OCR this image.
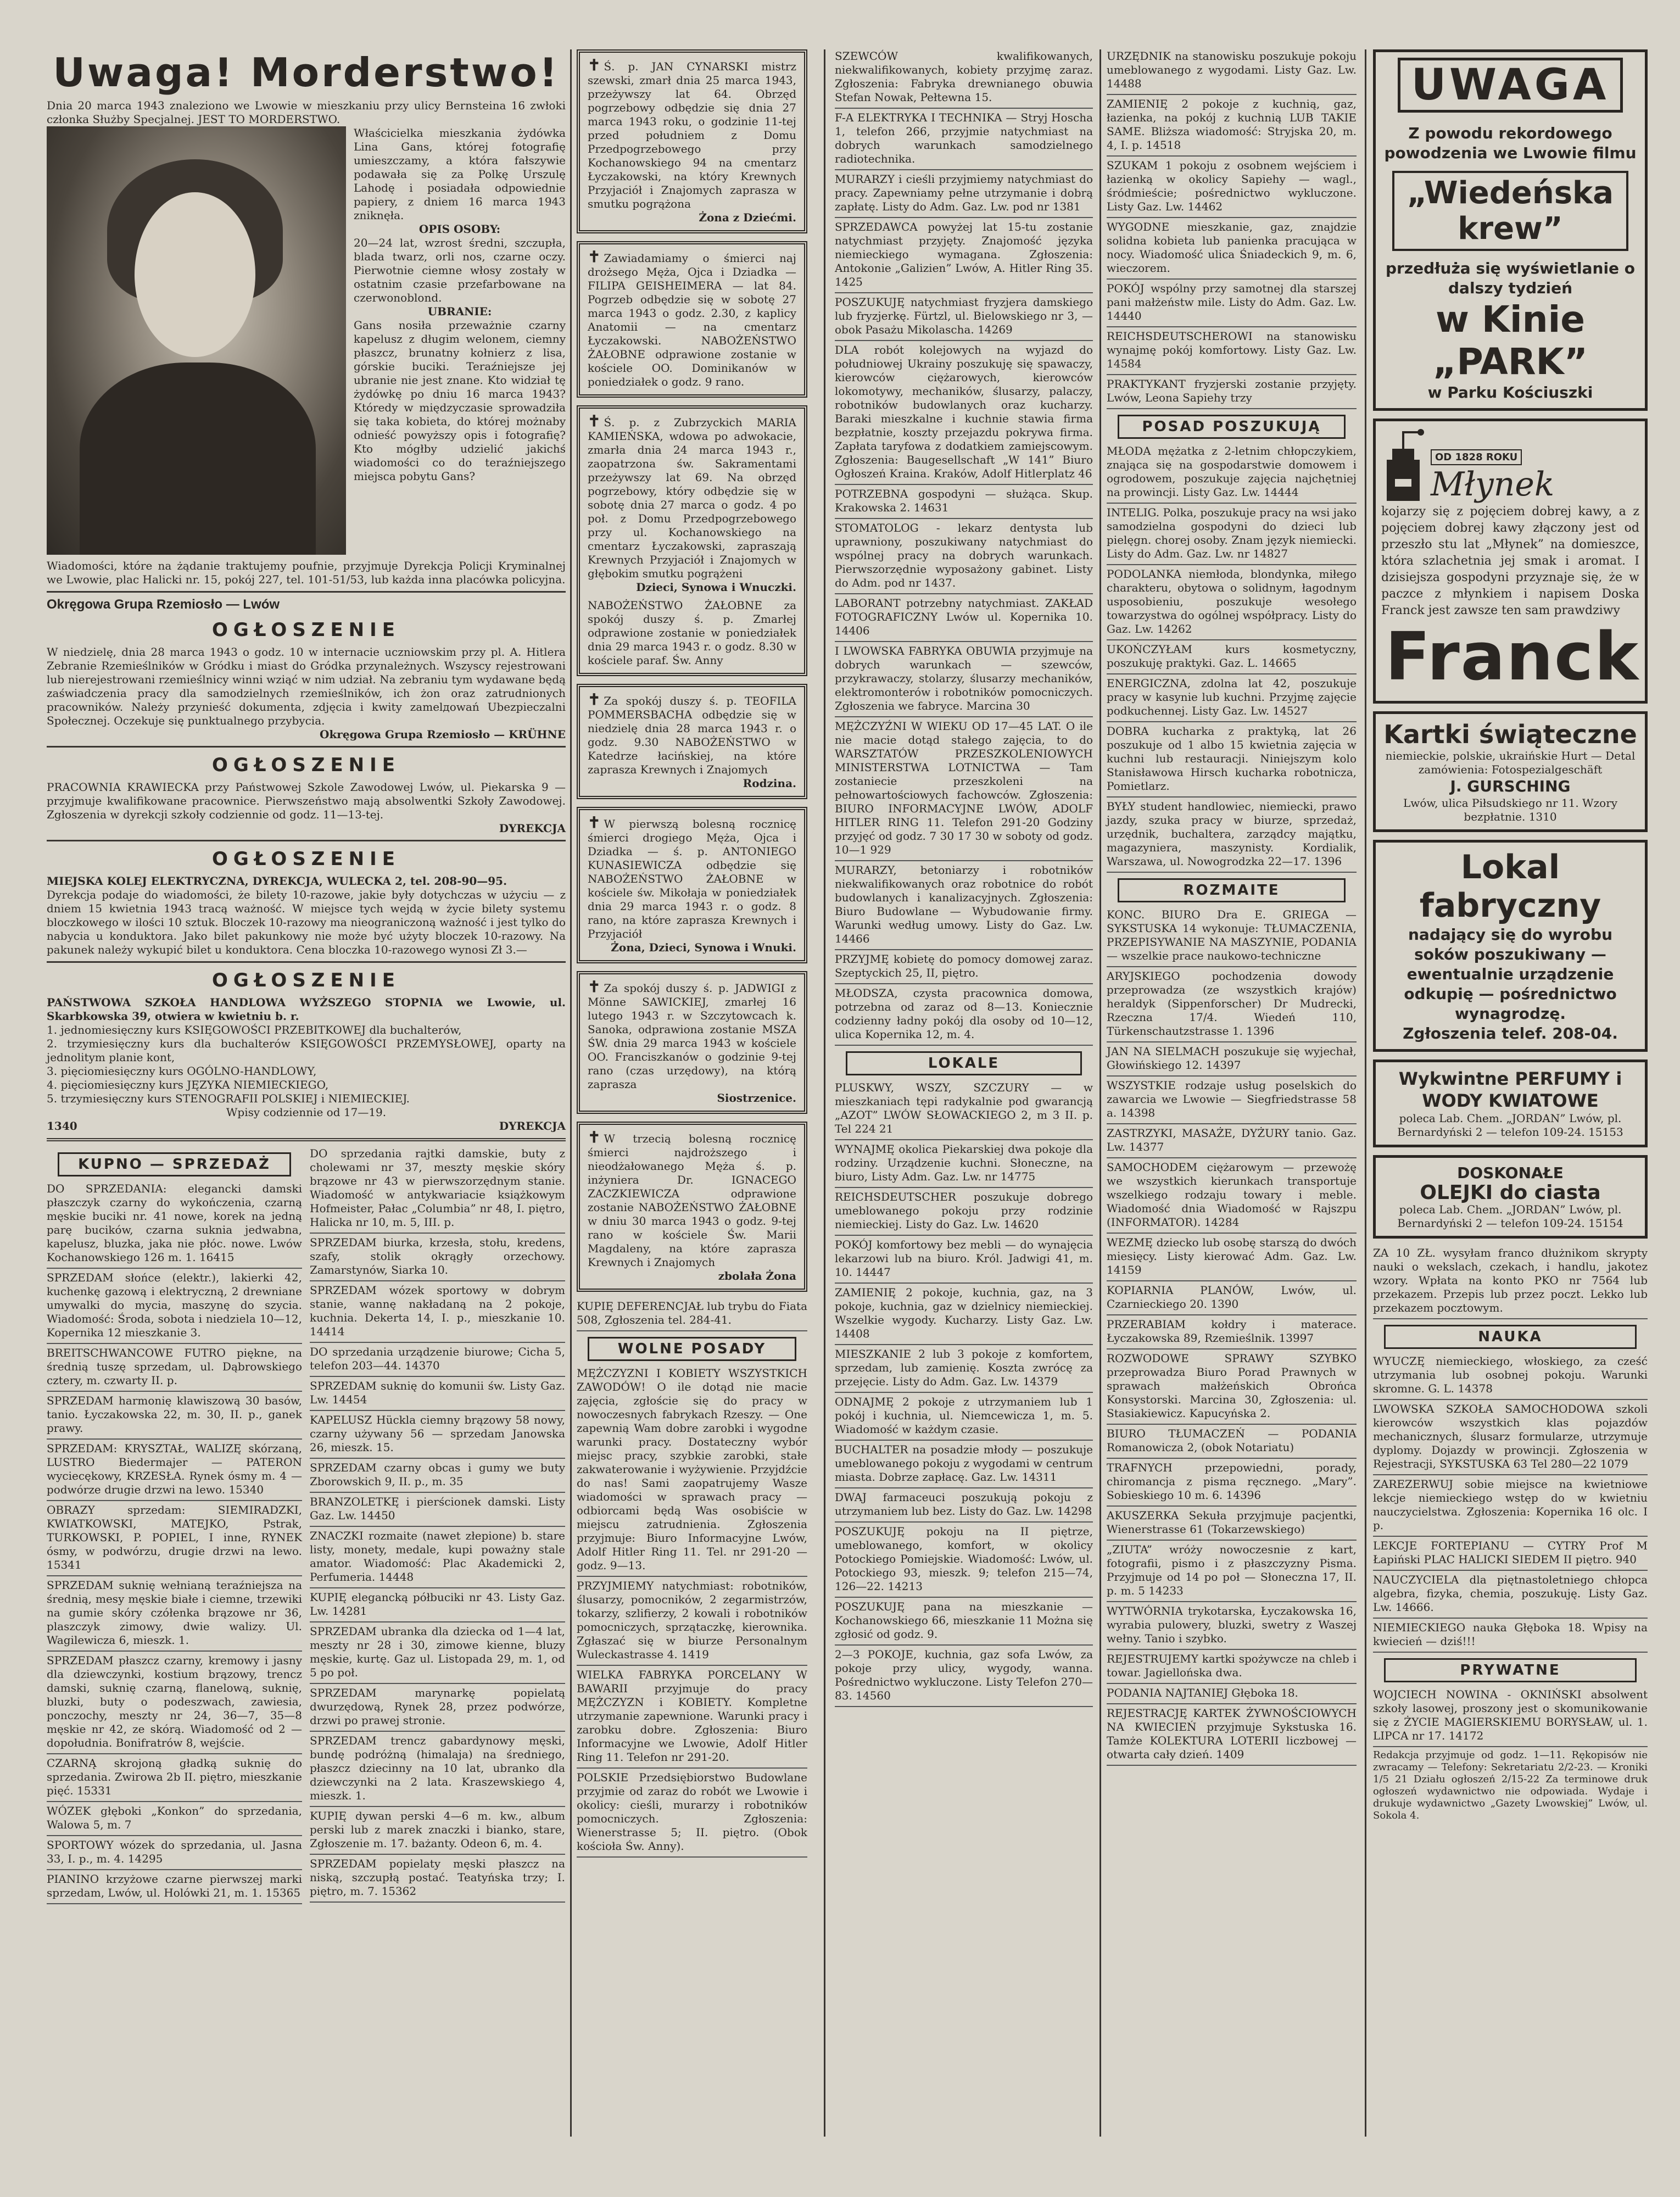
Uwaga! Morderstwo!

Dnia 20 marca 1943 znaleziono we Lwowie w mieszkaniu przy ulicy Bernsteina 16 zwłoki członka Służby Specjalnej. JEST TO MORDERSTWO.

Właścicielka mieszkania żydówka Lina Gans, której fotografię umieszczamy, a która fałszywie podawała się za Polkę Urszulę Lahodę i posiadała odpowiednie papiery, z dniem 16 marca 1943 zniknęła.

OPIS OSOBY:

20—24 lat, wzrost średni, szczupła, blada twarz, orli nos, czarne oczy. Pierwotnie ciemne włosy zostały w ostatnim czasie przefarbowane na czerwonoblond.

UBRANIE:

Gans nosiła przeważnie czarny kapelusz z długim welonem, ciemny płaszcz, brunatny kołnierz z lisa, górskie buciki. Teraźniejsze jej ubranie nie jest znane. Kto widział tę żydówkę po dniu 16 marca 1943? Któredy w międzyczasie sprowadziła się taka kobieta, do której możnaby odnieść powyższy opis i fotografię? Kto mógłby udzielić jakichś wiadomości co do teraźniejszego miejsca pobytu Gans?

Wiadomości, które na żądanie traktujemy poufnie, przyjmuje Dyrekcja Policji Kryminalnej we Lwowie, plac Halicki nr. 15, pokój 227, tel. 101-51/53, lub każda inna placówka policyjna.

Okręgowa Grupa Rzemiosło — Lwów
OGŁOSZENIE

W niedzielę, dnia 28 marca 1943 o godz. 10 w internacie uczniowskim przy pl. A. Hitlera Zebranie Rzemieślników w Gródku i miast do Gródka przynależnych. Wszyscy rejestrowani lub nierejestrowani rzemieślnicy winni wziąć w nim udział. Na zebraniu tym wydawane będą zaświadczenia pracy dla samodzielnych rzemieślników, ich żon oraz zatrudnionych pracowników. Należy przynieść dokumenta, zdjęcia i kwity zamelдowań Ubezpieczalni Społecznej. Oczekuje się punktualnego przybycia.

Okręgowa Grupa Rzemiosło — KRÜHNE

OGŁOSZENIE

PRACOWNIA KRAWIECKA przy Państwowej Szkole Zawodowej Lwów, ul. Piekarska 9 — przyjmuje kwalifikowane pracownice. Pierwszeństwo mają absolwentki Szkoły Zawodowej. Zgłoszenia w dyrekcji szkoły codziennie od godz. 11—13-tej.

DYREKCJA

OGŁOSZENIE

MIEJSKA KOLEJ ELEKTRYCZNA, DYREKCJA, WULECKA 2, tel. 208-90—95.

Dyrekcja podaje do wiadomości, że bilety 10-razowe, jakie były dotychczas w użyciu — z dniem 15 kwietnia 1943 tracą ważność. W miejsce tych wejdą w życie bilety systemu bloczkowego w ilości 10 sztuk. Bloczek 10-razowy ma nieograniczoną ważność i jest tylko do nabycia u konduktora. Jako bilet pakunkowy nie może być użyty bloczek 10-razowy. Na pakunek należy wykupić bilet u konduktora. Cena bloczka 10-razowego wynosi Zł 3.—

OGŁOSZENIE

PAŃSTWOWA SZKOŁA HANDLOWA WYŻSZEGO STOPNIA we Lwowie, ul. Skarbkowska 39, otwiera w kwietniu b. r.

1. jednomiesięczny kurs KSIĘGOWOŚCI PRZEBITKOWEJ dla buchalterów,

2. trzymiesięczny kurs dla buchalterów KSIĘGOWOŚCI PRZEMYSŁOWEJ, oparty na jednolitym planie kont,

3. pięciomiesięczny kurs OGÓLNO-HANDLOWY,

4. pięciomiesięczny kurs JĘZYKA NIEMIECKIEGO,

5. trzymiesięczny kurs STENOGRAFII POLSKIEJ i NIEMIECKIEJ.

Wpisy codziennie od 17—19.

1340	DYREKCJA
KUPNO — SPRZEDAŻ

DO SPRZEDANIA: eleganckі damski płaszczyk czarny do wykończenia, czarną męskie buciki nr. 41 nowe, korek na jedną parę bucików, czarna suknia jedwabna, kapelusz, bluzka, jaka nie płóc. nowe. Lwów Kochanowskiego 126 m. 1. 16415

SPRZEDAM słońce (elektr.), lakierki 42, kuchenkę gazową i elektryczną, 2 drewniane umywalki do mycia, maszynę do szycia. Wiadomość: Środa, sobota i niedziela 10—12, Kopernika 12 mieszkanie 3.

BREITSCHWANCOWE FUTRO piękne, na średnią tuszę sprzedam, ul. Dąbrowskiego cztery, m. czwarty II. p.

SPRZEDAM harmonię klawiszową 30 basów, tanio. Łyczakowska 22, m. 30, II. p., ganek prawy.

SPRZEDAM: KRYSZTAŁ, WALIZĘ skórzaną, LUSTRO Biedermajer — PATERON wyciecękowy, KRZESŁA. Rynek ósmy m. 4 — podwórze drugie drzwi na lewo. 15340

OBRAZY sprzedam: SIEMIRADZKI, KWIATKOWSKI, MATEJKO, Pstrak, TURKOWSKI, P. POPIEL, I inne, RYNEK ósmy, w podwórzu, drugie drzwi na lewo. 15341

SPRZEDAM suknię wełnianą teraźniejsza na średnią, mesy męskie białe i ciemne, trzewiki na gumie skóry czółenka brązowe nr 36, plaszczyk zimowy, dwie walizy. Ul. Wagilewicza 6, mieszk. 1.

SPRZEDAM płaszcz czarny, kremowy i jasny dla dziewczynki, kostium brązowy, trencz damski, suknię czarną, flanelową, suknię, bluzki, buty o podeszwach, zawiesia, ponczochy, meszty nr 24, 36—7, 35—8 męskie nr 42, ze skórą. Wiadomość od 2 — dopołudnia. Bonifratrów 8, wejście.

CZARNĄ skrojoną gładką suknię do sprzedania. Zwirowa 2b II. piętro, mieszkanie pięć. 15331

WÓZEK głęboki „Konkon” do sprzedania, Walowa 5, m. 7

SPORTOWY wózek do sprzedania, ul. Jasna 33, I. p., m. 4. 14295

PIANINO krzyżowe czarne pierwszej marki sprzedam, Lwów, ul. Holówki 21, m. 1. 15365

DO sprzedania rajtki damskie, buty z cholewami nr 37, meszty męskie skóry brązowe nr 43 w pierwszorzędnym stanie. Wiadomość w antykwariacie książkowym Hofmeister, Pałac „Columbia” nr 48, I. piętro, Halicka nr 10, m. 5, III. p.

SPRZEDAM biurka, krzesła, stołu, kredens, szafy, stolik okrągły orzechowy. Zamarstynów, Siarka 10.

SPRZEDAM wózek sportowy w dobrym stanie, wannę nakładaną na 2 pokoje, kuchnia. Dekerta 14, I. p., mieszkanie 10. 14414

DO sprzedania urządzenie biurowe; Cicha 5, telefon 203—44. 14370

SPRZEDAM suknię do komunii św. Listy Gaz. Lw. 14454

KAPELUSZ Hückla ciemny brązowy 58 nowy, czarny używany 56 — sprzedam Janowska 26, mieszk. 15.

SPRZEDAM czarny obcas i gumy we buty Zborowskich 9, II. p., m. 35

BRANZOLETKĘ i pierścionek damski. Listy Gaz. Lw. 14450

ZNACZKI rozmaite (nawet złepione) b. stare listy, monety, medale, kupi poważny stale amator. Wiadomość: Plac Akademicki 2, Perfumeria. 14448

KUPIĘ elegancką półbuciki nr 43. Listy Gaz. Lw. 14281

SPRZEDAM ubranka dla dziecka od 1—4 lat, meszty nr 28 i 30, zimowe kienne, bluzy męskie, kurtę. Gaz ul. Listopada 29, m. 1, od 5 po poł.

SPRZEDAM marynarkę popielatą dwurzędową, Rynek 28, przez podwórze, drzwi po prawej stronie.

SPRZEDAM trencz gabardynowy męski, bundę podróżną (himalaja) na średniego, płaszcz dziecinny na 10 lat, ubranko dla dziewczynki na 2 lata. Kraszewskiego 4, mieszk. 1.

KUPIĘ dywan perski 4—6 m. kw., album perski lub z marek znaczki i bianko, stare, Zgłoszenie m. 17. bażanty. Odeon 6, m. 4.

SPRZEDAM popielaty męski płaszcz na niską, szczupłą postać. Teatyńska trzy; I. piętro, m. 7. 15362

✝ Ś. p. JAN CYNARSKI mistrz szewski, zmarł dnia 25 marca 1943, przeżywszy lat 64. Obrzęd pogrzebowy odbędzie się dnia 27 marca 1943 roku, o godzinie 11-tej przed południem z Domu Przedpogrzebowego przy Kochanowskiego 94 na cmentarz Łyczakowski, na który Krewnych Przyjaciół i Znajomych zaprasza w smutku pogrążona
Żona z Dziećmi.
✝ Zawiadamiamy o śmierci naj drożsego Męża, Ojca i Dziadka — FILIPA GEISHEIMERA — lat 84. Pogrzeb odbędzie się w sobotę 27 marca 1943 o godz. 2.30, z kaplicy Anatomii — na cmentarz Łyczakowski. NABOŻEŃSTWO ŻAŁOBNE odprawione zostanie w kościele OO. Dominikanów w poniedziałek o godz. 9 rano.
✝ Ś. p. z Zubrzyckich MARIA KAMIEŃSKA, wdowa po adwokacie, zmarła dnia 24 marca 1943 r., zaopatrzona św. Sakramentami przeżywszy lat 69. Na obrzęd pogrzebowy, który odbędzie się w sobotę dnia 27 marca o godz. 4 po poł. z Domu Przedpogrzebowego przy ul. Kochanowskiego na cmentarz Łyczakowski, zapraszają Krewnych Przyjaciół i Znajomych w głębokim smutku pogrążeni
Dzieci, Synowa i Wnuczki.
NABOŻEŃSTWO ŻAŁOBNE za spokój duszy ś. p. Zmarłej odprawione zostanie w poniedziałek dnia 29 marca 1943 r. o godz. 8.30 w kościele paraf. Św. Anny
✝ Za spokój duszy ś. p. TEOFILA POMMERSBACHA odbędzie się w niedzielę dnia 28 marca 1943 r. o godz. 9.30 NABOŻEŃSTWO w Katedrze łacińskiej, na które zaprasza Krewnych i Znajomych
Rodzina.
✝ W pierwszą bolesną rocznicę śmierci drogiego Męża, Ojca i Dziadka — ś. p. ANTONIEGO KUNASIEWICZA odbędzie się NABOŻEŃSTWO ŻAŁOBNE w kościele św. Mikołaja w poniedziałek dnia 29 marca 1943 r. o godz. 8 rano, na które zaprasza Krewnych i Przyjaciół
Żona, Dzieci, Synowa i Wnuki.
✝ Za spokój duszy ś. p. JADWIGI z Mönne SAWICKIEJ, zmarłej 16 lutego 1943 r. w Szczytowcach k. Sanoka, odprawiona zostanie MSZA ŚW. dnia 29 marca 1943 w kościele OO. Franciszkanów o godzinie 9-tej rano (czas urzędowy), na którą zaprasza
Siostrzenice.
✝ W trzecią bolesną rocznicę śmierci najdroższego i nieodżałowanego Męża ś. p. inżyniera Dr. IGNACEGO ZACZKIEWICZA odprawione zostanie NABOŻEŃSTWO ŻAŁOBNE w dniu 30 marca 1943 o godz. 9-tej rano w kościele Św. Marii Magdaleny, na które zaprasza Krewnych i Znajomych
zbolała Żona

KUPIĘ DEFERENCJAŁ lub trybu do Fiata 508, Zgłoszenia tel. 284-41.

WOLNE POSADY

MĘŻCZYZNI I KOBIETY WSZYSTKICH ZAWODÓW! O ile dotąd nie macie zajęcia, zgłoście się do pracy w nowoczesnych fabrykach Rzeszy. — One zapewnią Wam dobre zarobki i wygodne warunki pracy. Dostateczny wybór miejsc pracy, szybkie zarobki, stałe zakwaterowanie i wyżywienie. Przyjdźcie do nas! Sami zaopatrujemy Wasze wiadomości w sprawach pracy — odbiorcami będą Was osobiście w miejscu zatrudnienia. Zgłoszenia przyjmuje: Biuro Informacyjne Lwów, Adolf Hitler Ring 11. Tel. nr 291-20 — godz. 9—13.

PRZYJMIEMY natychmiast: robotników, ślusarzy, pomocników, 2 zegarmistrzów, tokarzy, szlifierzy, 2 kowali i robotników pomocniczych, sprzątaczkę, kierownika. Zgłaszać się w biurze Personalnym Wuleckastrasse 4. 1419

WIELKA FABRYKA PORCELANY W BAWARII przyjmuje do pracy MĘŻCZYZN i KOBIETY. Kompletne utrzymanie zapewnione. Warunki pracy i zarobku dobre. Zgłoszenia: Biuro Informacyjne we Lwowie, Adolf Hitler Ring 11. Telefon nr 291-20.

POLSKIE Przedsiębiorstwo Budowlane przyjmie od zaraz do robót we Lwowie i okolicy: cieśli, murarzy i robotników pomocniczych. Zgłoszenia: Wienerstrasse 5; II. piętro. (Obok kościoła Św. Anny).

SZEWCÓW kwalifikowanych, niekwalifikowanych, kobiety przyjmę zaraz. Zgłoszenia: Fabryka drewnianego obuwia Stefan Nowak, Pełtewna 15.

F-A ELEKTRYKA I TECHNIKA — Stryj Hoscha 1, telefon 266, przyjmie natychmiast na dobrych warunkach samodzielnego radiotechnika.

MURARZY i cieśli przyjmiemy natychmiast do pracy. Zapewniamy pełne utrzymanie i dobrą zapłatę. Listy do Adm. Gaz. Lw. pod nr 1381

SPRZEDAWCA powyżej lat 15-tu zostanie natychmiast przyjęty. Znajomość języka niemieckiego wymagana. Zgłoszenia: Antokonie „Galizien” Lwów, A. Hitler Ring 35. 1425

POSZUKUJĘ natychmiast fryzjera damskiego lub fryzjerkę. Fürtzl, ul. Bielowskiego nr 3, — obok Pasażu Mikolascha. 14269

DLA robót kolejowych na wyjazd do południowej Ukrainy poszukuję się spawaczy, kierowców ciężarowych, kierowców lokomotywy, mechaników, ślusarzy, palaczy, robotników budowlanych oraz kucharzy. Baraki mieszkalne i kuchnie stawia firma bezpłatnie, koszty przejazdu pokrywa firma. Zapłata taryfowa z dodatkiem zamiejscowym. Zgłoszenia: Baugesellschaft „W 141” Biuro Ogłoszeń Kraina. Kraków, Adolf Hitlerplatz 46

POTRZEBNA gospodyni — służąca. Skup. Krakowska 2. 14631

STOMATOLOG - lekarz dentysta lub uprawniony, poszukiwany natychmiast do wspólnej pracy na dobrych warunkach. Pierwszorzędnie wyposażony gabinet. Listy do Adm. pod nr 1437.

LABORANT potrzebny natychmiast. ZAKŁAD FOTOGRAFICZNY Lwów ul. Kopernika 10. 14406

I LWOWSKA FABRYKA OBUWIA przyjmuje na dobrych warunkach — szewców, przykrawaczy, stolarzy, ślusarzy mechaników, elektromonterów i robotników pomocniczych. Zgłoszenia we fabryce. Marcina 30

MĘŻCZYŹNI W WIEKU OD 17—45 LAT. O ile nie macie dotąd stałego zajęcia, to do WARSZTATÓW PRZESZKOLENIOWYCH MINISTERSTWA LOTNICTWA — Tam zostaniecie przeszkoleni na pełnowartościowych fachowców. Zgłoszenia: BIURO INFORMACYJNE LWÓW, ADOLF HITLER RING 11. Telefon 291-20 Godziny przyjęć od godz. 7 30 17 30 w soboty od godz. 10—1 929

MURARZY, betoniarzy i robotników niekwalifikowanych oraz robotnice do robót budowlanych i kanalizacyjnych. Zgłoszenia: Biuro Budowlane — Wybudowanie firmy. Warunki według umowy. Listy do Gaz. Lw. 14466

PRZYJMĘ kobietę do pomocy domowej zaraz. Szeptyckich 25, II, piętro.

MŁODSZA, czysta pracownica domowa, potrzebna od zaraz od 8—13. Koniecznie codzienny ładny pokój dla osoby od 10—12, ulica Kopernika 12, m. 4.

LOKALE

PLUSKWY, WSZY, SZCZURY — w mieszkaniach tępi radykalnie pod gwarancją „AZOT” LWÓW SŁOWACKIEGO 2, m 3 II. p. Tel 224 21

WYNAJMĘ okolica Piekarskiej dwa pokoje dla rodziny. Urządzenie kuchni. Słoneczne, na biuro, Listy Adm. Gaz. Lw. nr 14775

REICHSDEUTSCHER poszukuje dobrego umeblowanego pokoju przy rodzinie niemieckiej. Listy do Gaz. Lw. 14620

POKÓJ komfortowy bez mebli — do wynajęcia lekarzowi lub na biuro. Król. Jadwigi 41, m. 10. 14447

ZAMIENIĘ 2 pokoje, kuchnia, gaz, na 3 pokoje, kuchnia, gaz w dzielnicy niemieckiej. Wszelkie wygody. Kucharzy. Listy Gaz. Lw. 14408

MIESZKANIE 2 lub 3 pokoje z komfortem, sprzedam, lub zamienię. Koszta zwrócę za przejęcie. Listy do Adm. Gaz. Lw. 14379

ODNAJMĘ 2 pokoje z utrzymaniem lub 1 pokój i kuchnia, ul. Niemcewicza 1, m. 5. Wiadomość w każdym czasie.

BUCHALTER na posadzie młody — poszukuje umeblowanego pokoju z wygodami w centrum miasta. Dobrze zapłacę. Gaz. Lw. 14311

DWAJ farmaceuci poszukują pokoju z utrzymaniem lub bez. Listy do Gaz. Lw. 14298

POSZUKUJĘ pokoju na II piętrze, umeblowanego, komfort, w okolicy Potockiego Pomiejskie. Wiadomość: Lwów, ul. Potockiego 93, mieszk. 9; telefon 215—74, 126—22. 14213

POSZUKUJĘ pana na mieszkanie — Kochanowskiego 66, mieszkanie 11 Można się zgłosić od godz. 9.

2—3 POKOJE, kuchnia, gaz sofa Lwów, za pokoje przy ulicy, wygody, wanna. Pośrednictwo wykluczone. Listy Telefon 270—83. 14560

URZĘDNIK na stanowisku poszukuje pokoju umeblowanego z wygodami. Listy Gaz. Lw. 14488

ZAMIENIĘ 2 pokoje z kuchnią, gaz, łazienka, na pokój z kuchnią LUB TAKIE SAME. Bliższa wiadomość: Stryjska 20, m. 4, I. p. 14518

SZUKAM 1 pokoju z osobnem wejściem i łazienką w okolicy Sapiehy — wagl., śródmieście; pośrednictwo wykluczone. Listy Gaz. Lw. 14462

WYGODNE mieszkanie, gaz, znajdzie solidna kobieta lub panienka pracująca w nocy. Wiadomość ulica Śniadeckich 9, m. 6, wieczorem.

POKÓJ wspólny przy samotnej dla starszej pani małżeństw mile. Listy do Adm. Gaz. Lw. 14440

REICHSDEUTSCHEROWI na stanowisku wynajmę pokój komfortowy. Listy Gaz. Lw. 14584

PRAKTYKANT fryzjerski zostanie przyjęty. Lwów, Leona Sapiehy trzy

POSAD POSZUKUJĄ

MŁODA mężatka z 2-letnim chłopczykiem, znająca się na gospodarstwie domowem i ogrodowem, poszukuje zajęcia najchętniej na prowincji. Listy Gaz. Lw. 14444

INTELIG. Polka, poszukuje pracy na wsi jako samodzielna gospodyni do dzieci lub pielęgn. chorej osoby. Znam język niemiecki. Listy do Adm. Gaz. Lw. nr 14827

PODOLANKA niemłoda, blondynka, miłego charakteru, obytowa o solidnym, łagodnym usposobieniu, poszukuje wesołego towarzystwa do ogólnej współpracy. Listy do Gaz. Lw. 14262

UKOŃCZYŁAM kurs kosmetyczny, poszukuję praktyki. Gaz. L. 14665

ENERGICZNA, zdolna lat 42, poszukuje pracy w kasynie lub kuchni. Przyjmę zajęcie podkuchennej. Listy Gaz. Lw. 14527

DOBRA kucharka z praktyką, lat 26 poszukuje od 1 albo 15 kwietnia zajęcia w kuchni lub restauracji. Niniejszym kolo Stanisławowa Hirsch kucharka robotnicza, Pomietlarz.

BYŁY student handlowiec, niemiecki, prawo jazdy, szuka pracy w biurze, sprzedaż, urzędnik, buchaltera, zarządcy majątku, magazyniera, maszynisty. Kordialik, Warszawa, ul. Nowogrodzka 22—17. 1396

ROZMAITE

KONC. BIURO Dra E. GRIEGA — SYKSTUSKA 14 wykonuje: TŁUMACZENIA, PRZEPISYWANIE NA MASZYNIE, PODANIA — wszelkie prace naukowo-techniczne

ARYJSKIEGO pochodzenia dowody przeprowadza (ze wszystkich krajów) heraldyk (Sippenforscher) Dr Mudrecki, Rzeczna 17/4. Wiedeń 110, Türkenschautzstrasse 1. 1396

JAN NA SIELMACH poszukuje się wyjechał, Głowińskiego 12. 14397

WSZYSTKIE rodzaje usług poselskich do zawarcia we Lwowie — Siegfriedstrasse 58 a. 14398

ZASTRZYKI, MASAŻE, DYŻURY tanio. Gaz. Lw. 14377

SAMOCHODEM ciężarowym — przewożę we wszystkich kierunkach transportuje wszelkiego rodzaju towary i meble. Wiadomość dnia Wiadomość w Rajszpu (INFORMATOR). 14284

WEZMĘ dziecko lub osobę starszą do dwóch miesięcy. Listy kierować Adm. Gaz. Lw. 14159

KOPIARNIA PLANÓW, Lwów, ul. Czarnieckiego 20. 1390

PRZERABIAM kołdry i materace. Łyczakowska 89, Rzemieślnik. 13997

ROZWODOWE SPRAWY SZYBKO przeprowadza Biuro Porad Prawnych w sprawach małżeńskich Obrońca Konsystorski. Marcina 30, Zgłoszenia: ul. Stasiakiewicz. Kapucyńska 2.

BIURO TŁUMACZEŃ — PODANIA Romanowicza 2, (obok Notariatu)

TRAFNYCH przepowiedni, porady, chiromancja z pisma ręcznego. „Mary”. Sobieskiego 10 m. 6. 14396

AKUSZERKA Sekuła przyjmuje pacjentki, Wienerstrasse 61 (Tokarzewskiego)

„ZIUTA” wróży nowoczesnie z kart, fotografii, pismo i z płaszczyzny Pisma. Przyjmuje od 14 po poł — Słoneczna 17, II. p. m. 5 14233

WYTWÓRNIA trykotarska, Łyczakowska 16, wyrabia pulowery, bluzki, swetry z Waszej wełny. Tanio i szybko.

REJESTRUJEMY kartki spożywcze na chleb i towar. Jagiellońska dwa.

PODANIA NAJTANIEJ Głęboka 18.

REJESTRACJĘ KARTEK ŻYWNOŚCIOWYCH NA KWIECIEŃ przyjmuje Sykstuska 16. Tamże KOLEKTURA LOTERII liczbowej — otwarta cały dzień. 1409

UWAGA
Z powodu rekordowego powodzenia we Lwowie filmu
„Wiedeńska krew”
przedłuża się wyświetlanie o dalszy tydzień
w Kinie „PARK”
w Parku Kościuszki
OD 1828 ROKU
Młynek

kojarzy się z pojęciem dobrej kawy, a z pojęciem dobrej kawy złączony jest od przeszło stu lat „Młynek” na domieszce, która szlachetnia jej smak i aromat. I dzisiejsza gospodyni przyznaje się, że w paczce z młynkiem i napisem Doska Franck jest zawsze ten sam prawdziwy

Franck
Kartki świąteczne

niemieckie, polskie, ukraińskie Hurt — Detal zamówienia: Fotospezialgeschäft

J. GURSCHING

Lwów, ulica Piłsudskiego nr 11. Wzory bezpłatnie. 1310

Lokal fabryczny
nadający się do wyrobu soków poszukiwany — ewentualnie urządzenie odkupię — pośrednictwo wynagrodzę.
Zgłoszenia telef. 208-04.
Wykwintne PERFUMY i WODY KWIATOWE

poleca Lab. Chem. „JORDAN” Lwów, pl. Bernardyński 2 — telefon 109-24. 15153

DOSKONAŁE
OLEJKI do ciasta

poleca Lab. Chem. „JORDAN” Lwów, pl. Bernardyński 2 — telefon 109-24. 15154

ZA 10 ZŁ. wysyłam franco dłużnikom skrypty nauki o wekslach, czekach, i handlu, jakotez wzory. Wpłata na konto PKO nr 7564 lub przekazem. Przepis lub przez poczt. Lekko lub przekazem pocztowym.

NAUKA

WYUCZĘ niemieckiego, włoskiego, za cześć utrzymania lub osobnej pokoju. Warunki skromne. G. L. 14378

LWOWSKA SZKOŁA SAMOCHODOWA szkoli kierowców wszystkich klas pojazdów mechanicznych, ślusarz formularze, utrzymuje dyplomy. Dojazdy w prowincji. Zgłoszenia w Rejestracji, SYKSTUSKA 63 Tel 280—22 1079

ZAREZERWUJ sobie miejsce na kwietniowe lekcje niemieckiego wstęp do w kwietniu nauczycielstwa. Zgłoszenia: Kopernika 16 olc. I p.

LEKCJE FORTEPIANU — CYTRY Prof M Łapiński PLAC HALICKI SIEDEM II piętro. 940

NAUCZYCIELA dla piętnastoletniego chłopca algebra, fizyka, chemia, poszukuję. Listy Gaz. Lw. 14666.

NIEMIECKIEGO nauka Głęboka 18. Wpisy na kwiecień — dziś!!!

PRYWATNE

WOJCIECH NOWINA - OKNIŃSKI absolwent szkoły lasowej, proszony jest o skomunikowanie się z ŻYCIE MAGIERSKIEMU BORYSŁAW, ul. 1. LIPCA nr 17. 14172

Redakcja przyjmuje od godz. 1—11. Rękopisów nie zwracamy — Telefony: Sekretariatu 2/2-23. — Kroniki 1/5 21 Działu ogłoszeń 2/15-22 Za terminowe druk ogłoszeń wydawnictwo nie odpowiada. Wydaje i drukuje wydawnictwo „Gazety Lwowskiej” Lwów, ul. Sokola 4.
